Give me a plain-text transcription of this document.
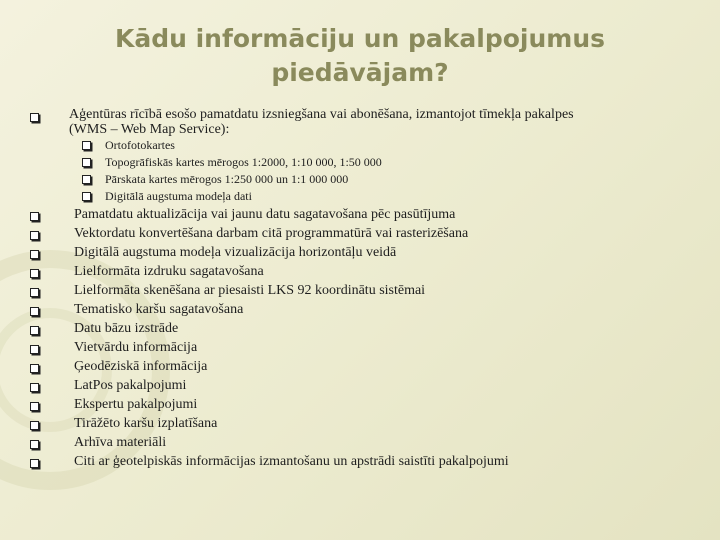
Kādu informāciju un pakalpojumus
piedāvājam?
Aģentūras rīcībā esošo pamatdatu izsniegšana vai abonēšana, izmantojot tīmekļa pakalpes
(WMS – Web Map Service):
Ortofotokartes
Topogrāfiskās kartes mērogos 1:2000, 1:10 000, 1:50 000
Pārskata kartes mērogos 1:250 000 un 1:1 000 000
Digitālā augstuma modeļa dati
Pamatdatu aktualizācija vai jaunu datu sagatavošana pēc pasūtījuma
Vektordatu konvertēšana darbam citā programmatūrā vai rasterizēšana
Digitālā augstuma modeļa vizualizācija horizontāļu veidā
Lielformāta izdruku sagatavošana
Lielformāta skenēšana ar piesaisti LKS 92 koordinātu sistēmai
Tematisko karšu sagatavošana
Datu bāzu izstrāde
Vietvārdu informācija
Ģeodēziskā informācija
LatPos pakalpojumi
Ekspertu pakalpojumi
Tirāžēto karšu izplatīšana
Arhīva materiāli
Citi ar ģeotelpiskās informācijas izmantošanu un apstrādi saistīti pakalpojumi
